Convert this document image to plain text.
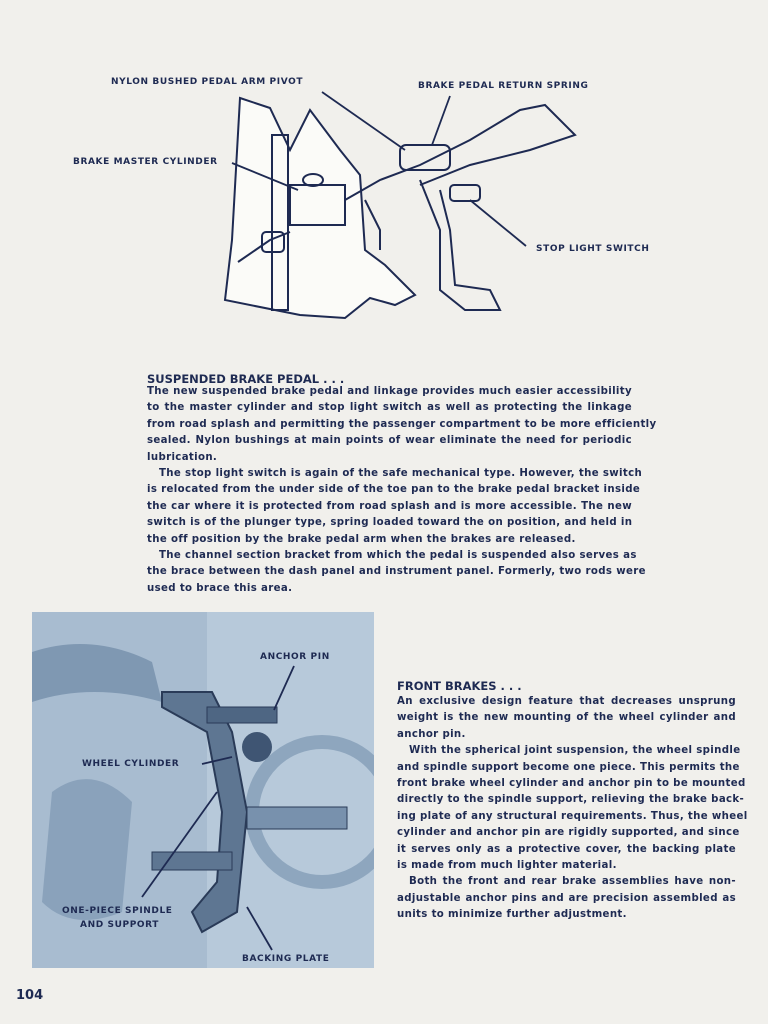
NYLON BUSHED PEDAL ARM PIVOT	BRAKE PEDAL RETURN SPRING
BRAKE MASTER CYLINDER
STOP LIGHT SWITCH
SUSPENDED BRAKE PEDAL . . .
The new suspended brake pedal and linkage provides much easier accessibility
to the master cylinder and stop light switch as well as protecting the linkage
from road splash and permitting the passenger compartment to be more efficiently
sealed. Nylon bushings at main points of wear eliminate the need for periodic
lubrication.
The stop light switch is again of the safe mechanical type. However, the switch
is relocated from the under side of the toe pan to the brake pedal bracket inside
the car where it is protected from road splash and is more accessible. The new
switch is of the plunger type, spring loaded toward the on position, and held in
the off position by the brake pedal arm when the brakes are released.
The channel section bracket from which the pedal is suspended also serves as
the brace between the dash panel and instrument panel. Formerly, two rods were
used to brace this area.
ANCHOR PIN
WHEEL CYLINDER
ONE-PIECE SPINDLE
AND SUPPORT
BACKING PLATE
FRONT BRAKES . . .
An exclusive design feature that decreases unsprung
weight is the new mounting of the wheel cylinder and
anchor pin.
With the spherical joint suspension, the wheel spindle
and spindle support become one piece. This permits the
front brake wheel cylinder and anchor pin to be mounted
directly to the spindle support, relieving the brake back-
ing plate of any structural requirements. Thus, the wheel
cylinder and anchor pin are rigidly supported, and since
it serves only as a protective cover, the backing plate
is made from much lighter material.
Both the front and rear brake assemblies have non-
adjustable anchor pins and are precision assembled as
units to minimize further adjustment.
104
